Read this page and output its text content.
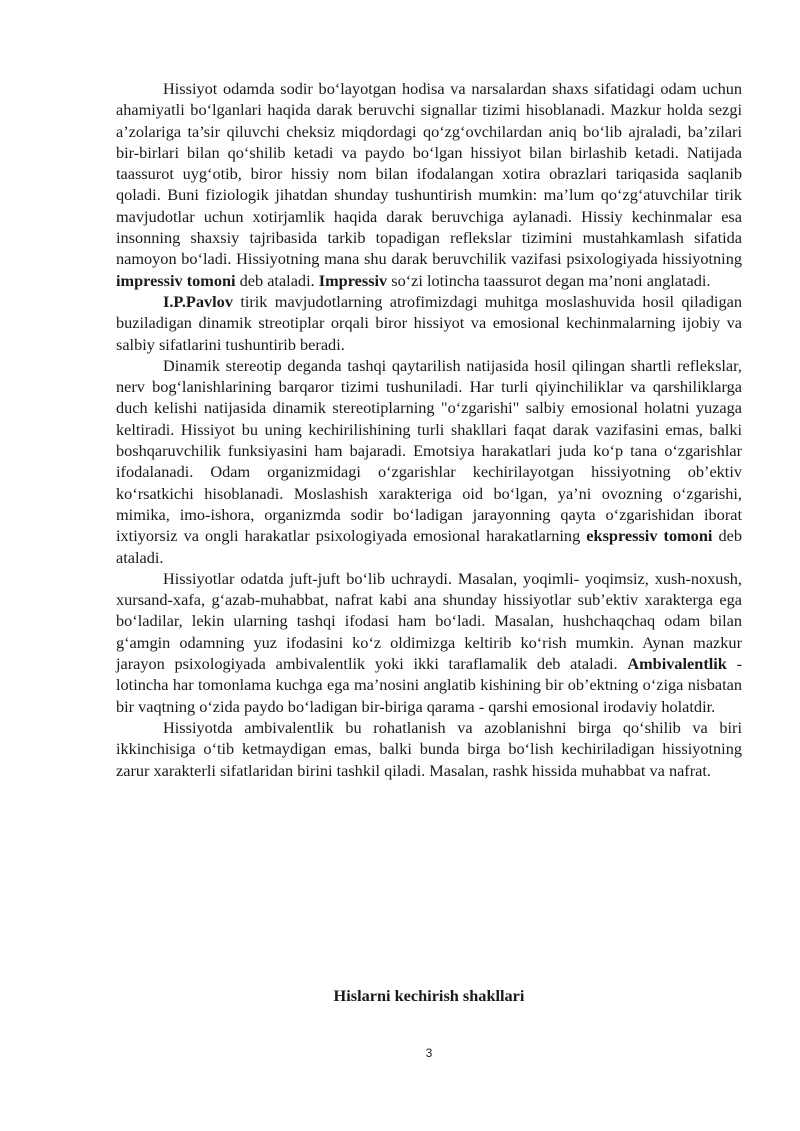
Hissiyot odamda sodir bo‘layotgan hodisa va narsalardan shaxs sifatidagi odam uchun ahamiyatli bo‘lganlari haqida darak beruvchi signallar tizimi hisoblanadi. Mazkur holda sezgi a’zolariga ta’sir qiluvchi cheksiz miqdordagi qo‘zg‘ovchilardan aniq bo‘lib ajraladi, ba’zilari bir-birlari bilan qo‘shilib ketadi va paydo bo‘lgan hissiyot bilan birlashib ketadi. Natijada taassurot uyg‘otib, biror hissiy nom bilan ifodalangan xotira obrazlari tariqasida saqlanib qoladi. Buni fiziologik jihatdan shunday tushuntirish mumkin: ma’lum qo‘zg‘atuvchilar tirik mavjudotlar uchun xotirjamlik haqida darak beruvchiga aylanadi. Hissiy kechinmalar esa insonning shaxsiy tajribasida tarkib topadigan reflekslar tizimini mustahkamlash sifatida namoyon bo‘ladi. Hissiyotning mana shu darak beruvchilik vazifasi psixologiyada hissiyotning impressiv tomoni deb ataladi. Impressiv so‘zi lotincha taassurot degan ma’noni anglatadi.

I.P.Pavlov tirik mavjudotlarning atrofimizdagi muhitga moslashuvida hosil qiladigan buziladigan dinamik streotiplar orqali biror hissiyot va emosional kechinmalarning ijobiy va salbiy sifatlarini tushuntirib beradi.

Dinamik stereotip deganda tashqi qaytarilish natijasida hosil qilingan shartli reflekslar, nerv bog‘lanishlarining barqaror tizimi tushuniladi. Har turli qiyinchiliklar va qarshiliklarga duch kelishi natijasida dinamik stereotiplarning "o‘zgarishi" salbiy emosional holatni yuzaga keltiradi. Hissiyot bu uning kechirilishining turli shakllari faqat darak vazifasini emas, balki boshqaruvchilik funksiyasini ham bajaradi. Emotsiya harakatlari juda ko‘p tana o‘zgarishlar ifodalanadi. Odam organizmidagi o‘zgarishlar kechirilayotgan hissiyotning ob’ektiv ko‘rsatkichi hisoblanadi. Moslashish xarakteriga oid bo‘lgan, ya’ni ovozning o‘zgarishi, mimika, imo-ishora, organizmda sodir bo‘ladigan jarayonning qayta o‘zgarishidan iborat ixtiyorsiz va ongli harakatlar psixologiyada emosional harakatlarning ekspressiv tomoni deb ataladi.

Hissiyotlar odatda juft-juft bo‘lib uchraydi. Masalan, yoqimli- yoqimsiz, xush-noxush, xursand-xafa, g‘azab-muhabbat, nafrat kabi ana shunday hissiyotlar sub’ektiv xarakterga ega bo‘ladilar, lekin ularning tashqi ifodasi ham bo‘ladi. Masalan, hushchaqchaq odam bilan g‘amgin odamning yuz ifodasini ko‘z oldimizga keltirib ko‘rish mumkin. Aynan mazkur jarayon psixologiyada ambivalentlik yoki ikki taraflamalik deb ataladi. Ambivalentlik - lotincha har tomonlama kuchga ega ma’nosini anglatib kishining bir ob’ektning o‘ziga nisbatan bir vaqtning o‘zida paydo bo‘ladigan bir-biriga qarama - qarshi emosional irodaviy holatdir.

Hissiyotda ambivalentlik bu rohatlanish va azoblanishni birga qo‘shilib va biri ikkinchisiga o‘tib ketmaydigan emas, balki bunda birga bo‘lish kechiriladigan hissiyotning zarur xarakterli sifatlaridan birini tashkil qiladi. Masalan, rashk hissida muhabbat va nafrat.

Hislarni kechirish shakllari
3
